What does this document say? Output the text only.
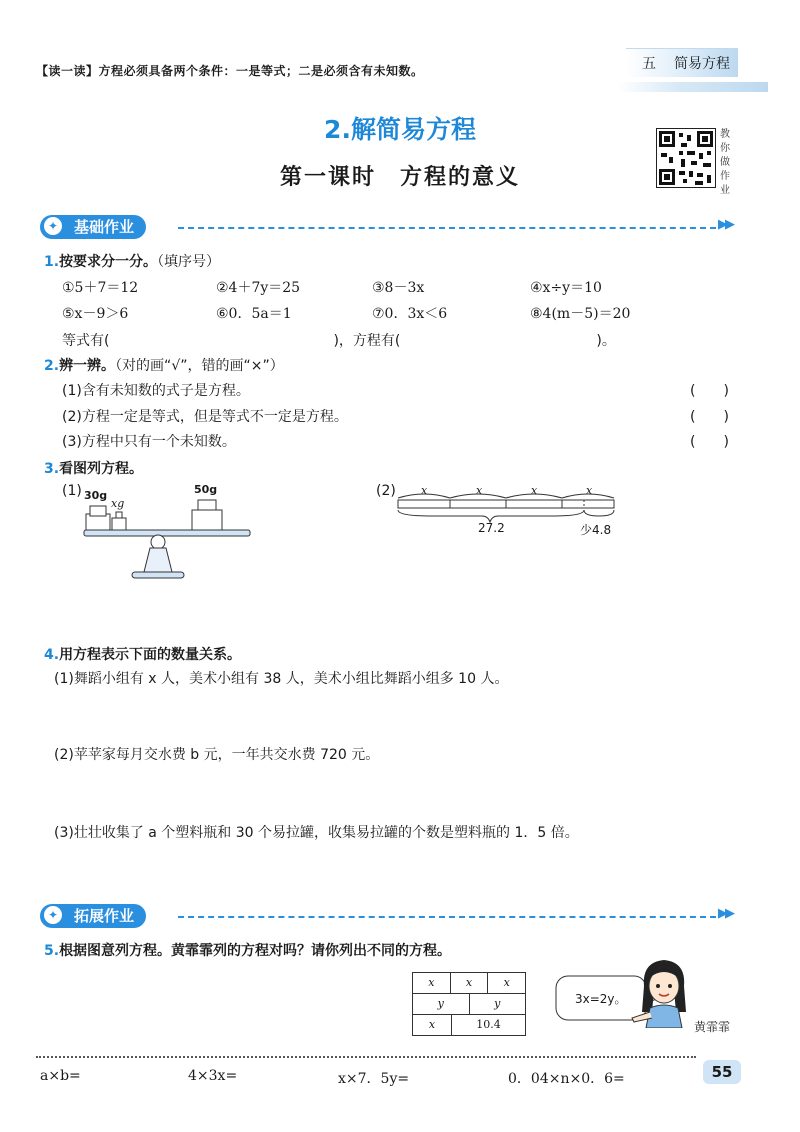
【读一读】方程必须具备两个条件：一是等式；二是必须含有未知数。	五 简易方程
2.解简易方程
第一课时　方程的意义
教你做作业
✦ 基础作业	▶▶
1.按要求分一分。（填序号）
①5＋7＝12	②4＋7y＝25	③8－3x	④x÷y＝10
⑤x－9＞6	⑥0．5a＝1	⑦0．3x＜6	⑧4(m－5)＝20
等式有(　　　　　　　　　　　　　　　　)，方程有(　　　　　　　　　　　　　　)。
2.辨一辨。（对的画“√”，错的画“×”）
(1)含有未知数的式子是方程。	(　　)
(2)方程一定是等式，但是等式不一定是方程。	(　　)
(3)方程中只有一个未知数。	(　　)
3.看图列方程。
(1) 30g
xg
50g	(2) x	x	x	x
27.2	少4.8
4.用方程表示下面的数量关系。
(1)舞蹈小组有 x 人，美术小组有 38 人，美术小组比舞蹈小组多 10 人。
(2)苹苹家每月交水费 b 元，一年共交水费 720 元。
(3)壮壮收集了 a 个塑料瓶和 30 个易拉罐，收集易拉罐的个数是塑料瓶的 1．5 倍。
✦ 拓展作业	▶▶
5.根据图意列方程。黄霏霏列的方程对吗？请你列出不同的方程。
x	x	x
y	y
x	10.4
3x=2y。
黄霏霏
a×b=	4×3x=	x×7．5y=	0．04×n×0．6=	55
